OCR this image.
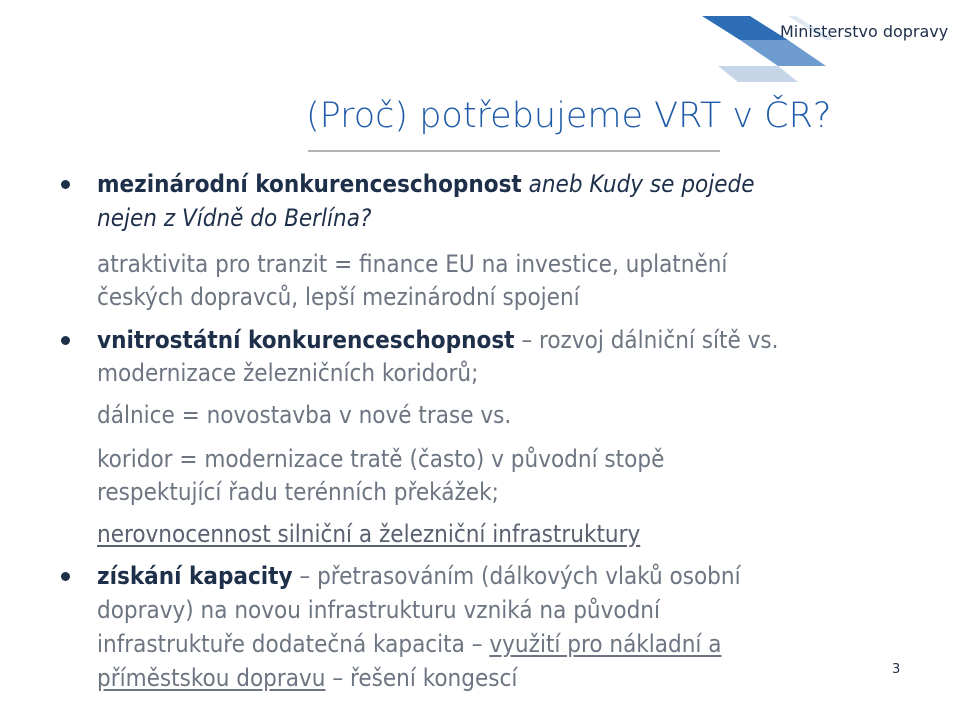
Ministerstvo dopravy
(Proč) potřebujeme VRT v ČR?
mezinárodní konkurenceschopnost aneb Kudy se pojede
nejen z Vídně do Berlína?
atraktivita pro tranzit = finance EU na investice, uplatnění
českých dopravců, lepší mezinárodní spojení
vnitrostátní konkurenceschopnost – rozvoj dálniční sítě vs.
modernizace železničních koridorů;
dálnice = novostavba v nové trase vs.
koridor = modernizace tratě (často) v původní stopě
respektující řadu terénních překážek;
nerovnocennost silniční a železniční infrastruktury
získání kapacity – přetrasováním (dálkových vlaků osobní
dopravy) na novou infrastrukturu vzniká na původní
infrastruktuře dodatečná kapacita – využití pro nákladní a
příměstskou dopravu – řešení kongescí	3
